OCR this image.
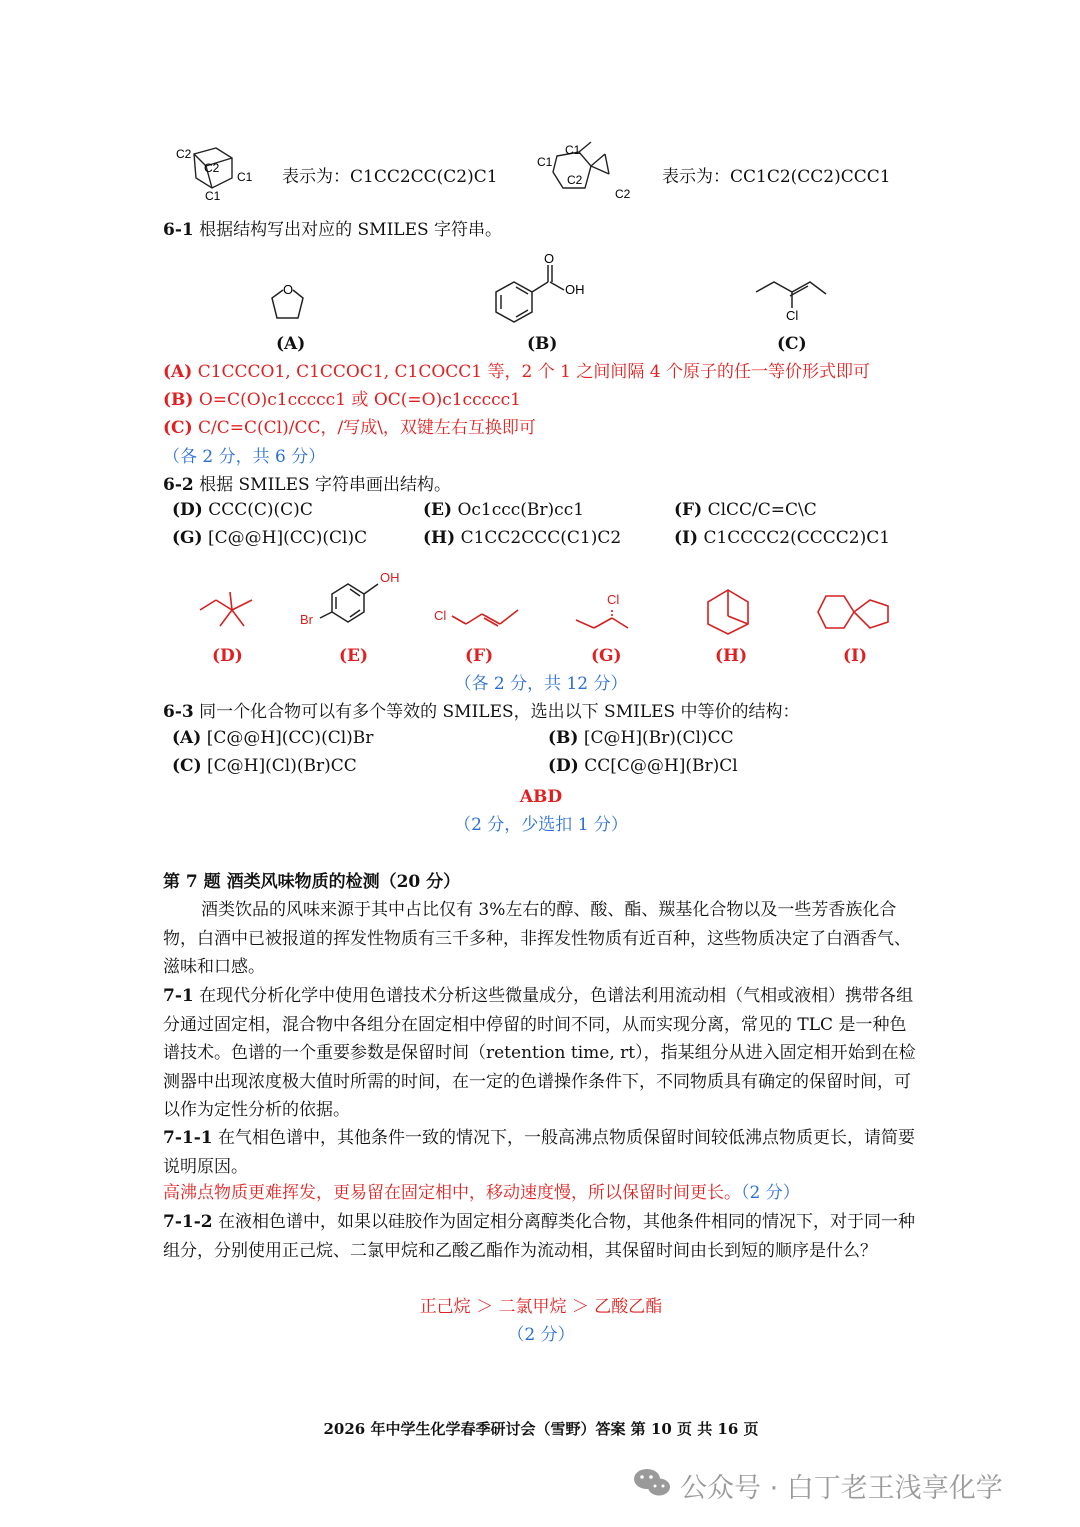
C2
C2
C1
C1
表示为：C1CC2CC(C2)C1
C1
C1
C2
C2
表示为：CC1C2(CC2)CCC1
6-1 根据结构写出对应的 SMILES 字符串。
O
O
OH
Cl
(A)	(B)	(C)
(A) C1CCCO1, C1CCOC1, C1COCC1 等，2 个 1 之间间隔 4 个原子的任一等价形式即可
(B) O=C(O)c1ccccc1 或 OC(=O)c1ccccc1
(C) C/C=C(Cl)/CC，/写成\，双键左右互换即可
（各 2 分，共 6 分）
6-2 根据 SMILES 字符串画出结构。
(D) CCC(C)(C)C	(E) Oc1ccc(Br)cc1	(F) ClCC/C=C\C
(G) [C@@H](CC)(Cl)C	(H) C1CC2CCC(C1)C2	(I) C1CCCC2(CCCC2)C1
OH
Br	Cl
Cl
(D)	(E)	(F)	(G)	(H)	(I)
（各 2 分，共 12 分）
6-3 同一个化合物可以有多个等效的 SMILES，选出以下 SMILES 中等价的结构：
(A) [C@@H](CC)(Cl)Br	(B) [C@H](Br)(Cl)CC
(C) [C@H](Cl)(Br)CC	(D) CC[C@@H](Br)Cl
ABD
（2 分，少选扣 1 分）
第 7 题 酒类风味物质的检测（20 分）
酒类饮品的风味来源于其中占比仅有 3%左右的醇、酸、酯、羰基化合物以及一些芳香族化合物，白酒中已被报道的挥发性物质有三千多种，非挥发性物质有近百种，这些物质决定了白酒香气、滋味和口感。
7-1 在现代分析化学中使用色谱技术分析这些微量成分，色谱法利用流动相（气相或液相）携带各组分通过固定相，混合物中各组分在固定相中停留的时间不同，从而实现分离，常见的 TLC 是一种色谱技术。色谱的一个重要参数是保留时间（retention time, rt），指某组分从进入固定相开始到在检测器中出现浓度极大值时所需的时间，在一定的色谱操作条件下，不同物质具有确定的保留时间，可以作为定性分析的依据。
7-1-1 在气相色谱中，其他条件一致的情况下，一般高沸点物质保留时间较低沸点物质更长，请简要说明原因。
高沸点物质更难挥发，更易留在固定相中，移动速度慢，所以保留时间更长。（2 分）
7-1-2 在液相色谱中，如果以硅胶作为固定相分离醇类化合物，其他条件相同的情况下，对于同一种组分，分别使用正己烷、二氯甲烷和乙酸乙酯作为流动相，其保留时间由长到短的顺序是什么？
正己烷 ＞ 二氯甲烷 ＞ 乙酸乙酯
（2 分）
2026 年中学生化学春季研讨会（雪野）答案 第 10 页 共 16 页
公众号 · 白丁老王浅享化学
